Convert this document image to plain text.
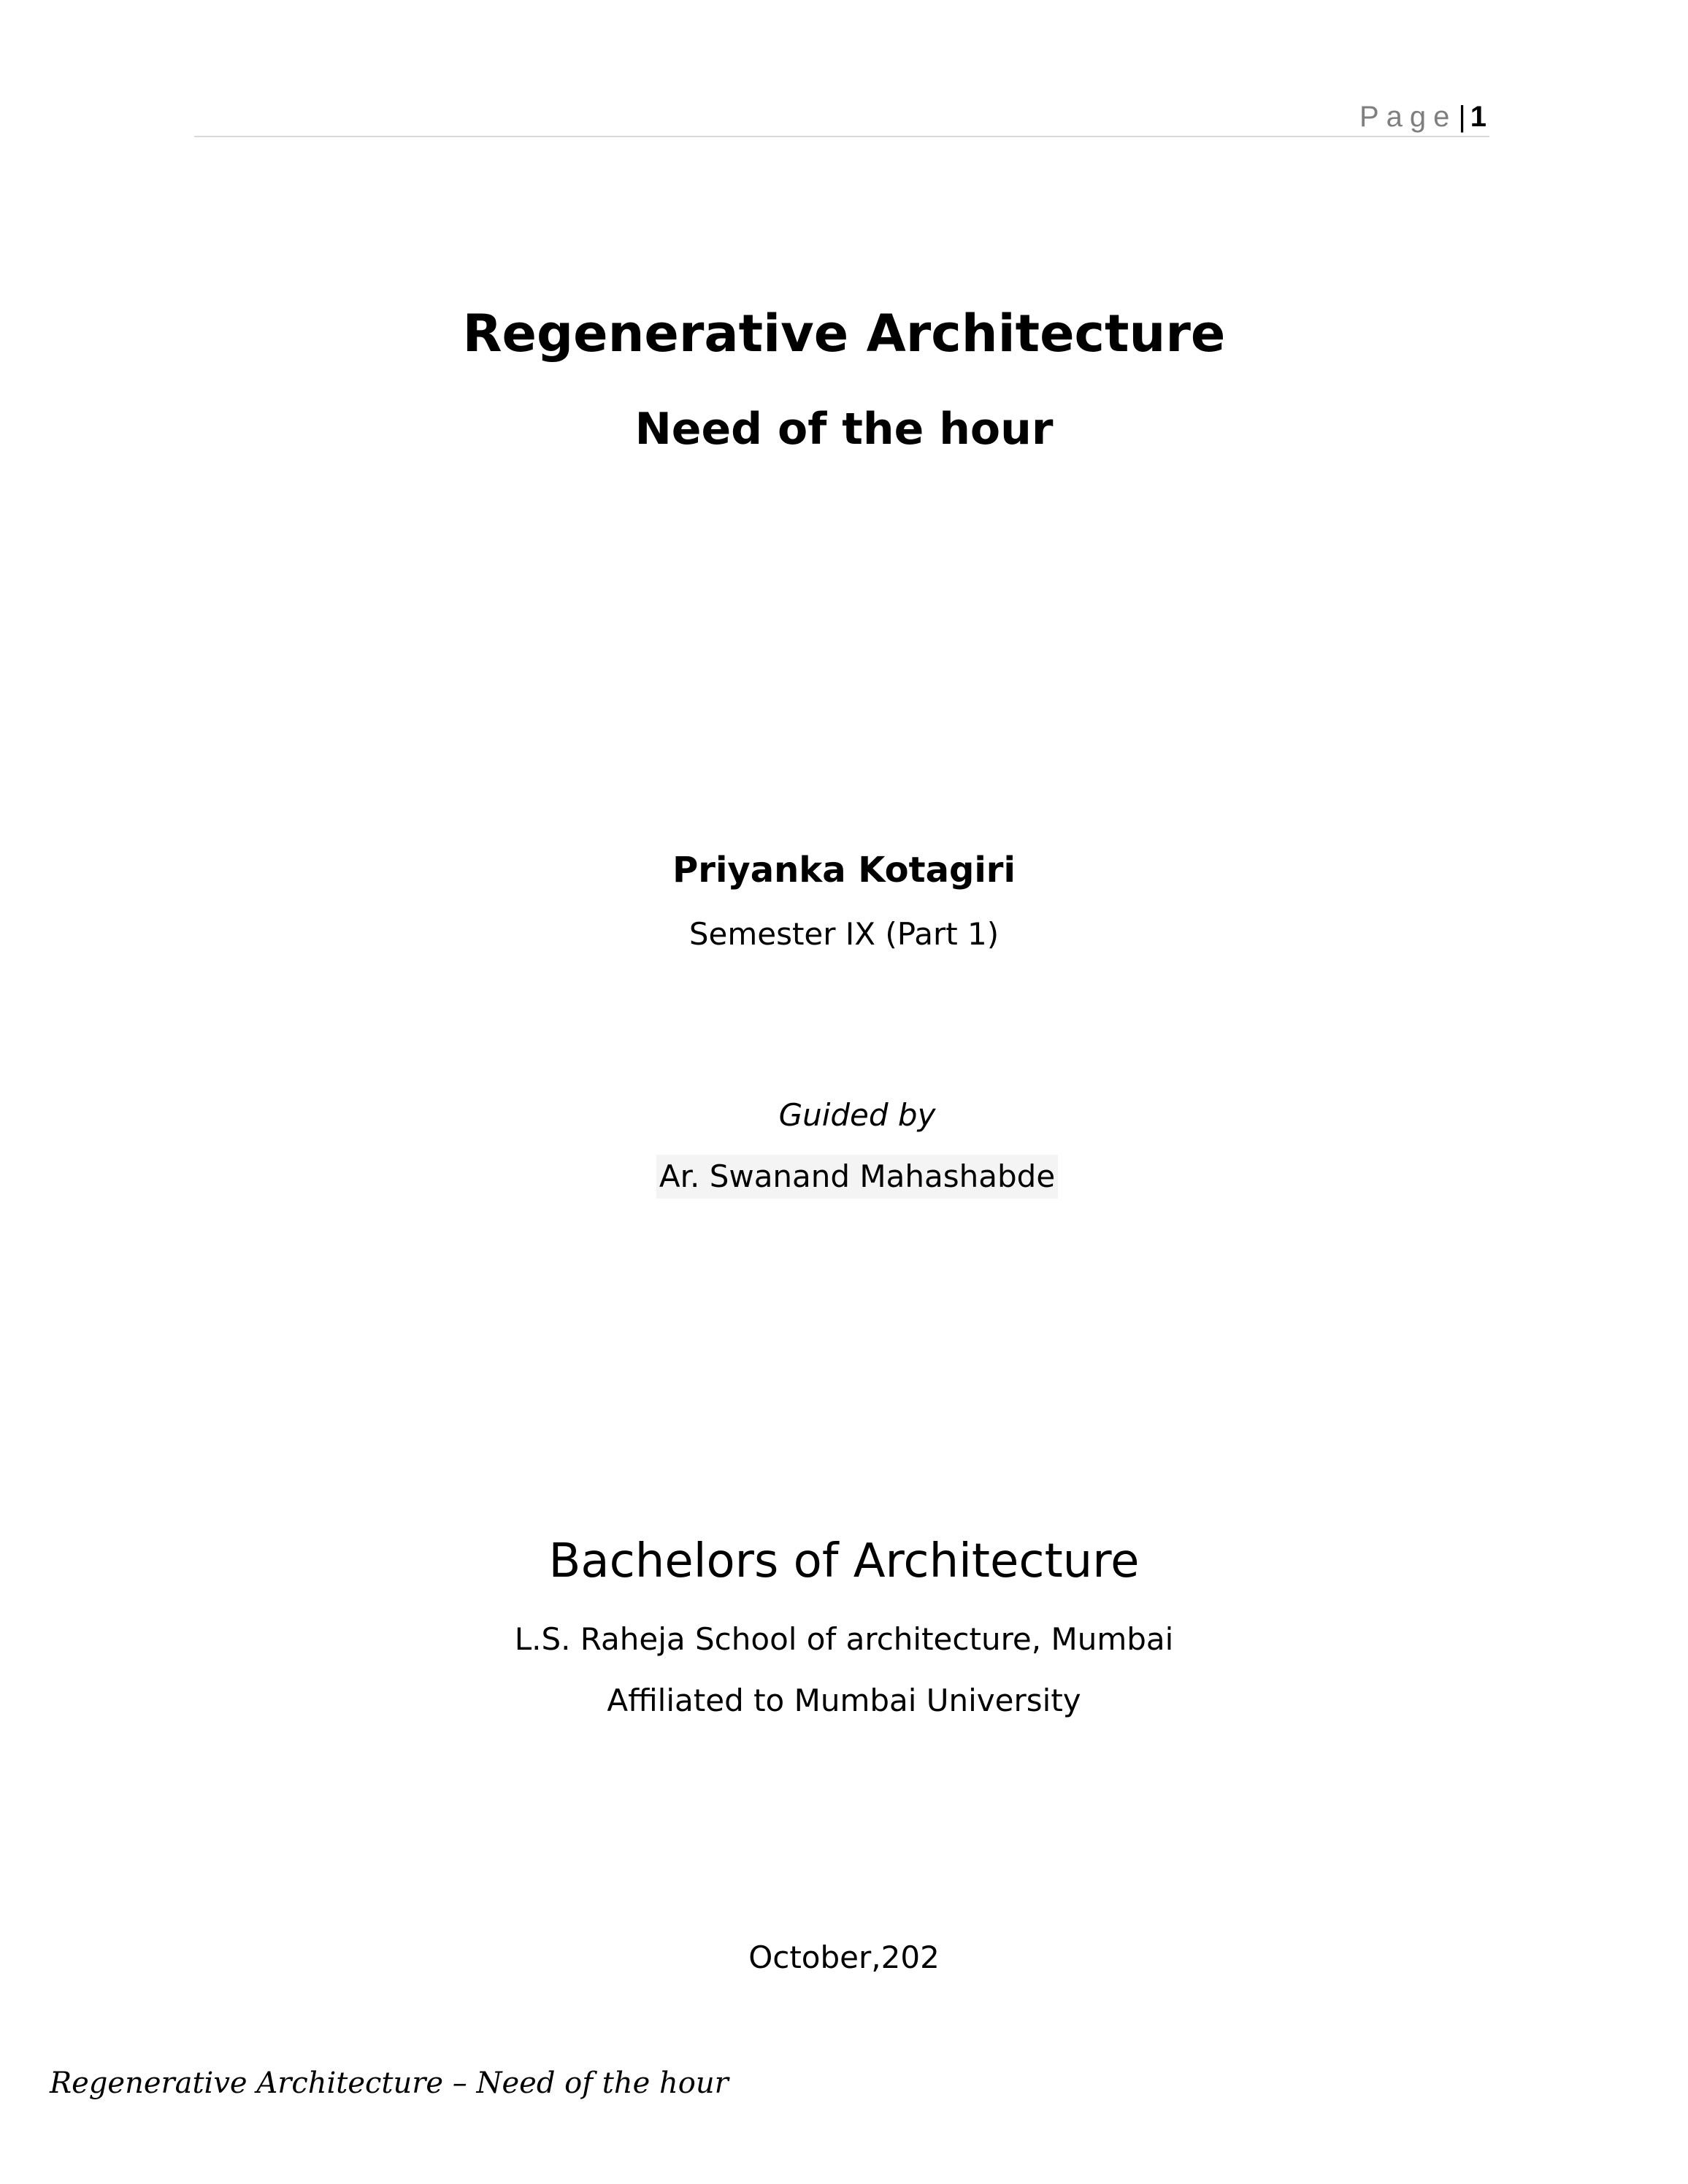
Page| 1
Regenerative Architecture
Need of the hour
Priyanka Kotagiri
Semester IX (Part 1)
Guided by
Ar. Swanand Mahashabde
Bachelors of Architecture
L.S. Raheja School of architecture, Mumbai
Affiliated to Mumbai University
October,202
Regenerative Architecture – Need of the hour
